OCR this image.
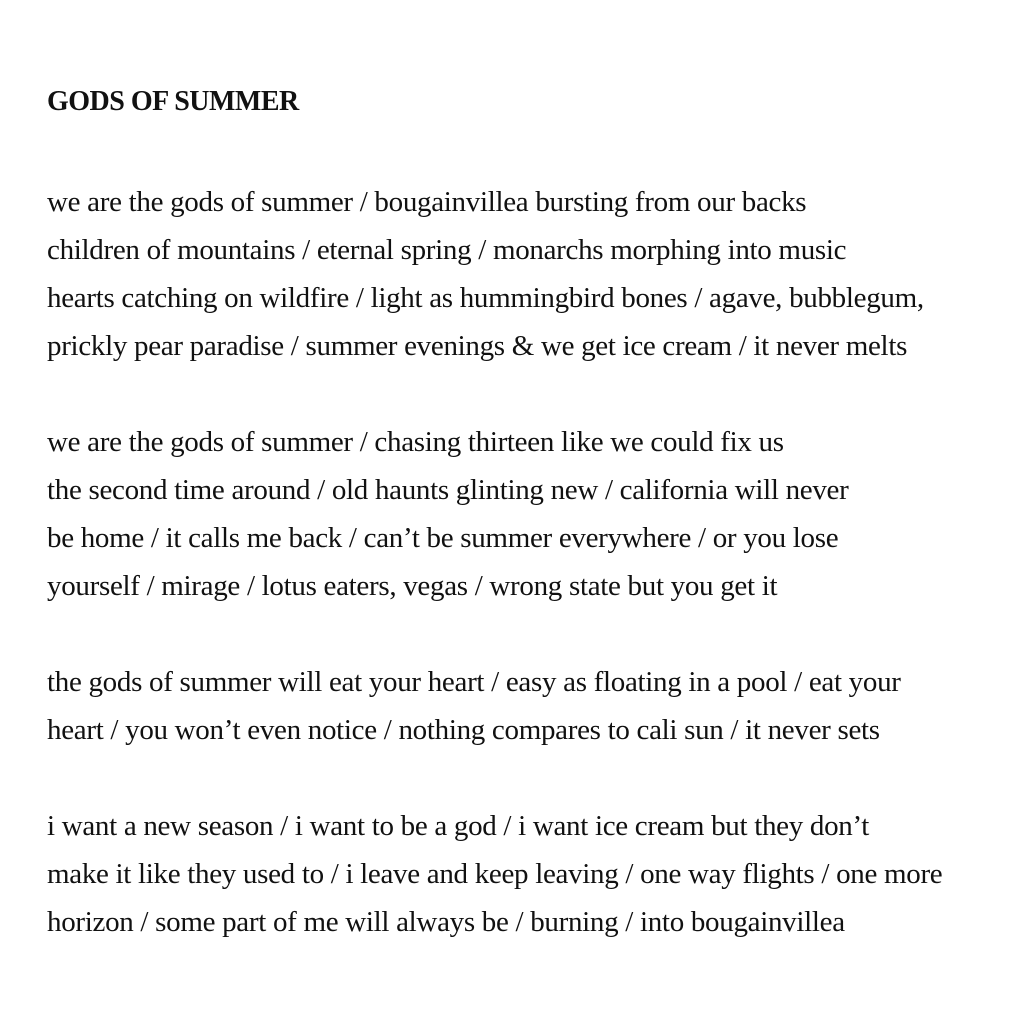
GODS OF SUMMER
we are the gods of summer / bougainvillea bursting from our backs
children of mountains / eternal spring / monarchs morphing into music
hearts catching on wildfire / light as hummingbird bones / agave, bubblegum,
prickly pear paradise / summer evenings & we get ice cream / it never melts
we are the gods of summer / chasing thirteen like we could fix us
the second time around / old haunts glinting new / california will never
be home / it calls me back / can’t be summer everywhere / or you lose
yourself / mirage / lotus eaters, vegas / wrong state but you get it
the gods of summer will eat your heart / easy as floating in a pool / eat your
heart / you won’t even notice / nothing compares to cali sun / it never sets
i want a new season / i want to be a god / i want ice cream but they don’t
make it like they used to / i leave and keep leaving / one way flights / one more
horizon / some part of me will always be / burning / into bougainvillea
